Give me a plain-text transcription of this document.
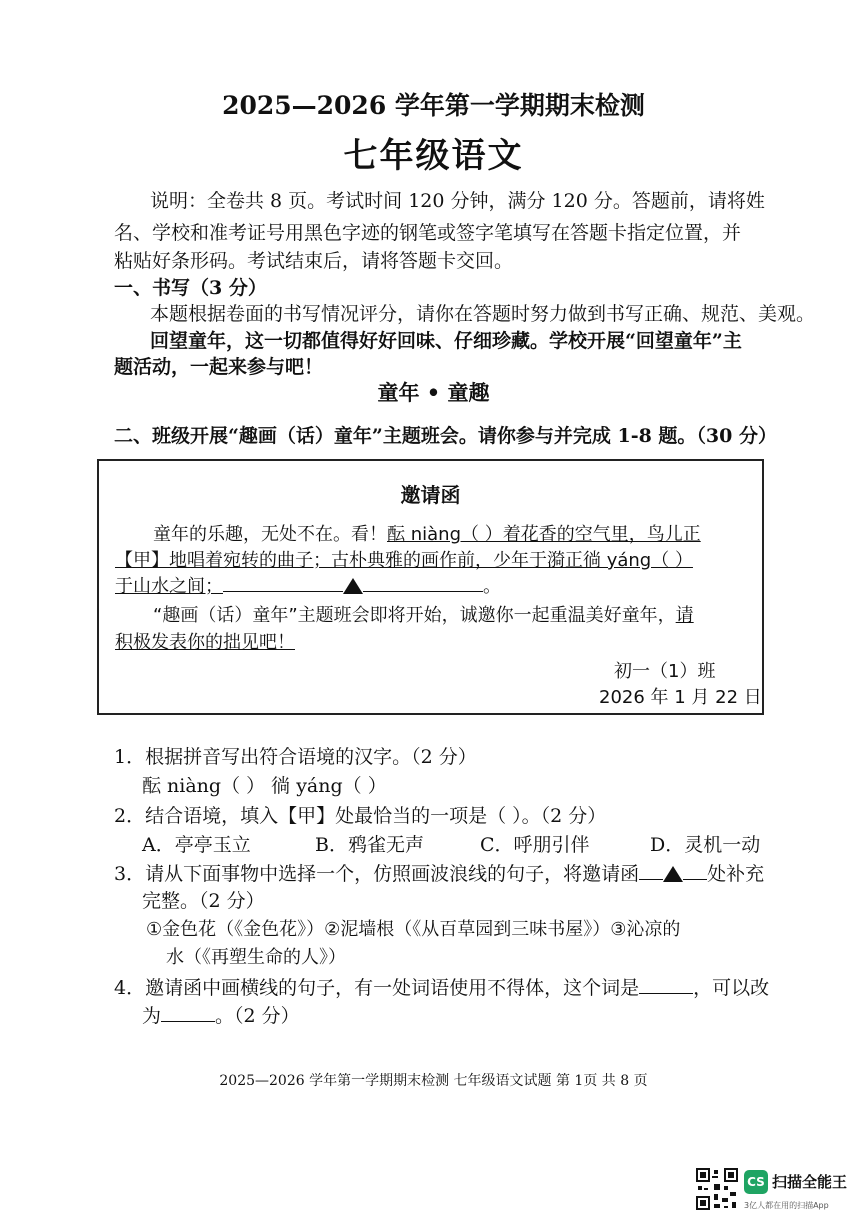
2025—2026 学年第一学期期末检测
七年级语文
说明：全卷共 8 页。考试时间 120 分钟，满分 120 分。答题前，请将姓
名、学校和准考证号用黑色字迹的钢笔或签字笔填写在答题卡指定位置，并
粘贴好条形码。考试结束后，请将答题卡交回。
一、书写（3 分）
本题根据卷面的书写情况评分，请你在答题时努力做到书写正确、规范、美观。
回望童年，这一切都值得好好回味、仔细珍藏。学校开展“回望童年”主
题活动，一起来参与吧！
童年 • 童趣
二、班级开展“趣画（话）童年”主题班会。请你参与并完成 1-8 题。（30 分）
邀请函
童年的乐趣，无处不在。看！酝 niàng（ ）着花香的空气里，鸟儿正
【甲】地唱着宛转的曲子；古朴典雅的画作前，少年于漪正徜 yáng（ ）
于山水之间；	。
“趣画（话）童年”主题班会即将开始，诚邀你一起重温美好童年，请
积极发表你的拙见吧！
初一（1）班
2026 年 1 月 22 日
1．根据拼音写出符合语境的汉字。（2 分）
酝 niàng（ ） 徜 yáng（ ）
2．结合语境，填入【甲】处最恰当的一项是（ ）。（2 分）
A．亭亭玉立	B．鸦雀无声	C．呼朋引伴	D．灵机一动
3．请从下面事物中选择一个，仿照画波浪线的句子，将邀请函	处补充
完整。（2 分）
①金色花（《金色花》）②泥墙根（《从百草园到三味书屋》）③沁凉的
水（《再塑生命的人》）
4．邀请函中画横线的句子，有一处词语使用不得体，这个词是	，可以改
为	。（2 分）
2025—2026 学年第一学期期末检测 七年级语文试题 第 1页 共 8 页
CS 扫描全能王
3亿人都在用的扫描App
